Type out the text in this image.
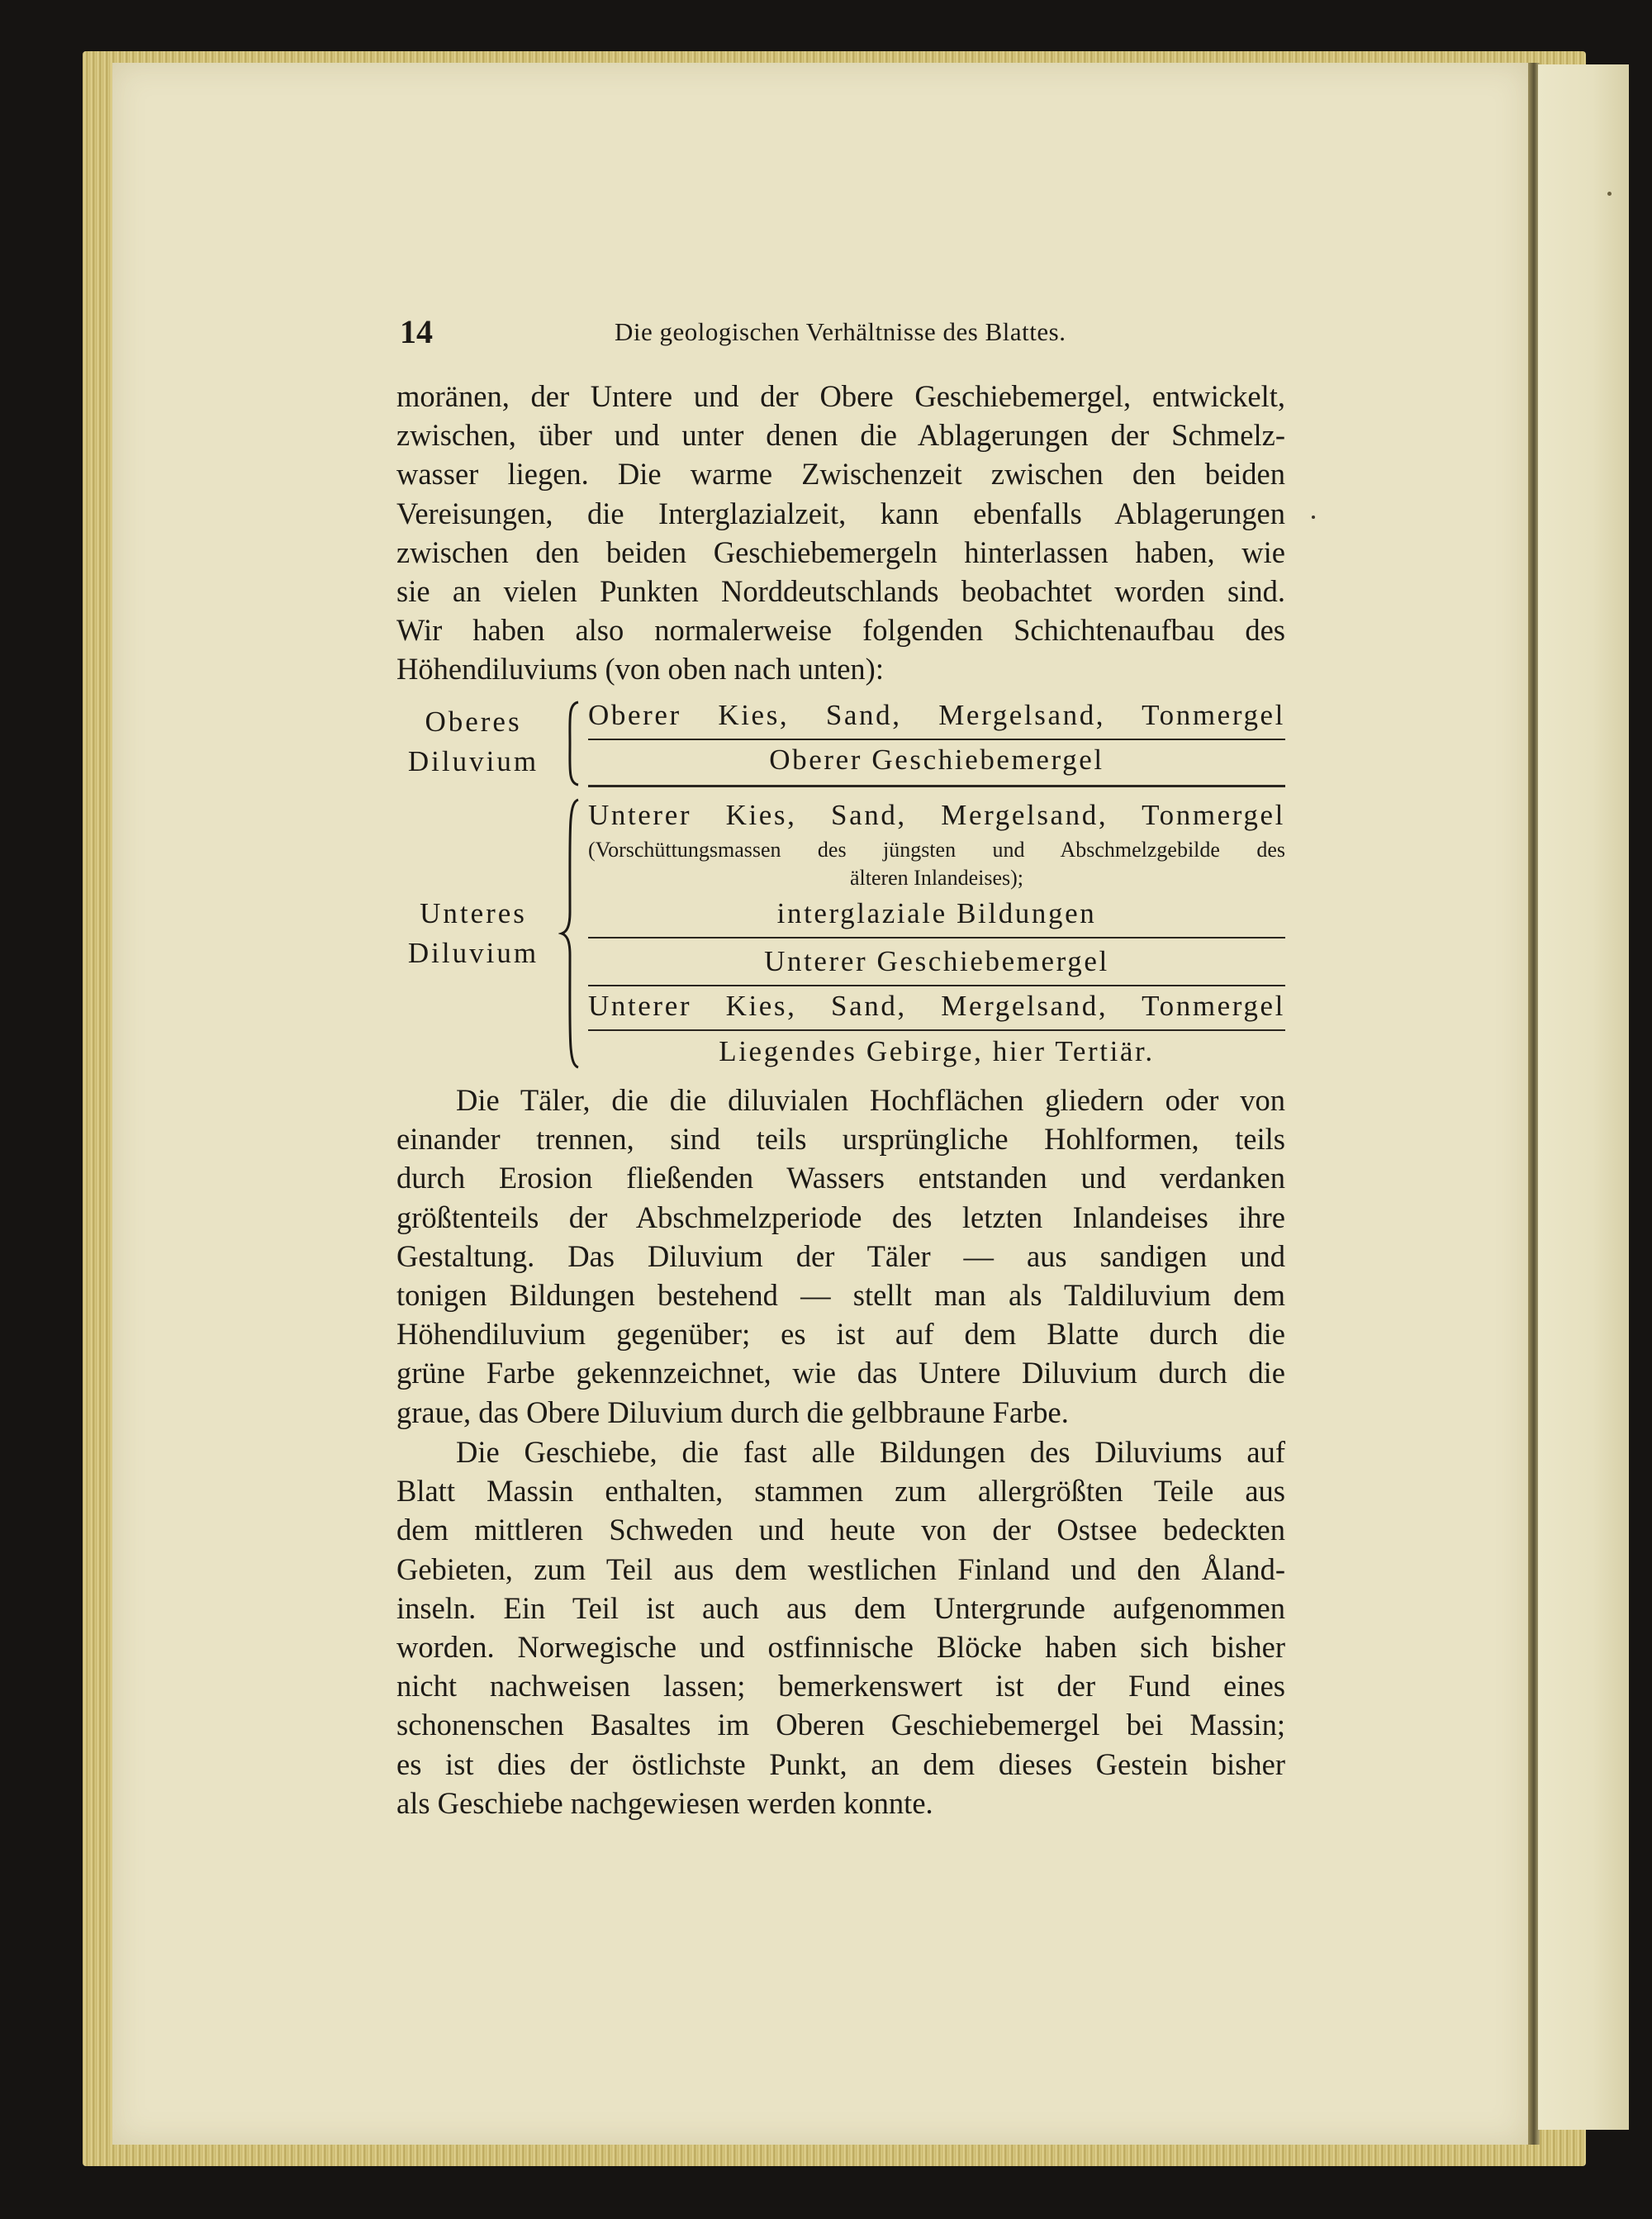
14	Die geologischen Verhältnisse des Blattes.
moränen, der Untere und der Obere Geschiebemergel, entwickelt,
zwischen, über und unter denen die Ablagerungen der Schmelz-
wasser liegen. Die warme Zwischenzeit zwischen den beiden
Vereisungen, die Interglazialzeit, kann ebenfalls Ablagerungen
zwischen den beiden Geschiebemergeln hinterlassen haben, wie
sie an vielen Punkten Norddeutschlands beobachtet worden sind.
Wir haben also normalerweise folgenden Schichtenaufbau des
Höhendiluviums (von oben nach unten):
Oberes
Diluvium
Oberer Kies, Sand, Mergelsand, Tonmergel
Oberer Geschiebemergel
Unteres
Diluvium
Unterer Kies, Sand, Mergelsand, Tonmergel
(Vorschüttungsmassen des jüngsten und Abschmelzgebilde des
älteren Inlandeises);
interglaziale Bildungen
Unterer Geschiebemergel
Unterer Kies, Sand, Mergelsand, Tonmergel
Liegendes Gebirge, hier Tertiär.
Die Täler, die die diluvialen Hochflächen gliedern oder von
einander trennen, sind teils ursprüngliche Hohlformen, teils
durch Erosion fließenden Wassers entstanden und verdanken
größtenteils der Abschmelzperiode des letzten Inlandeises ihre
Gestaltung. Das Diluvium der Täler — aus sandigen und
tonigen Bildungen bestehend — stellt man als Taldiluvium dem
Höhendiluvium gegenüber; es ist auf dem Blatte durch die
grüne Farbe gekennzeichnet, wie das Untere Diluvium durch die
graue, das Obere Diluvium durch die gelbbraune Farbe.
Die Geschiebe, die fast alle Bildungen des Diluviums auf
Blatt Massin enthalten, stammen zum allergrößten Teile aus
dem mittleren Schweden und heute von der Ostsee bedeckten
Gebieten, zum Teil aus dem westlichen Finland und den Åland-
inseln. Ein Teil ist auch aus dem Untergrunde aufgenommen
worden. Norwegische und ostfinnische Blöcke haben sich bisher
nicht nachweisen lassen; bemerkenswert ist der Fund eines
schonenschen Basaltes im Oberen Geschiebemergel bei Massin;
es ist dies der östlichste Punkt, an dem dieses Gestein bisher
als Geschiebe nachgewiesen werden konnte.
